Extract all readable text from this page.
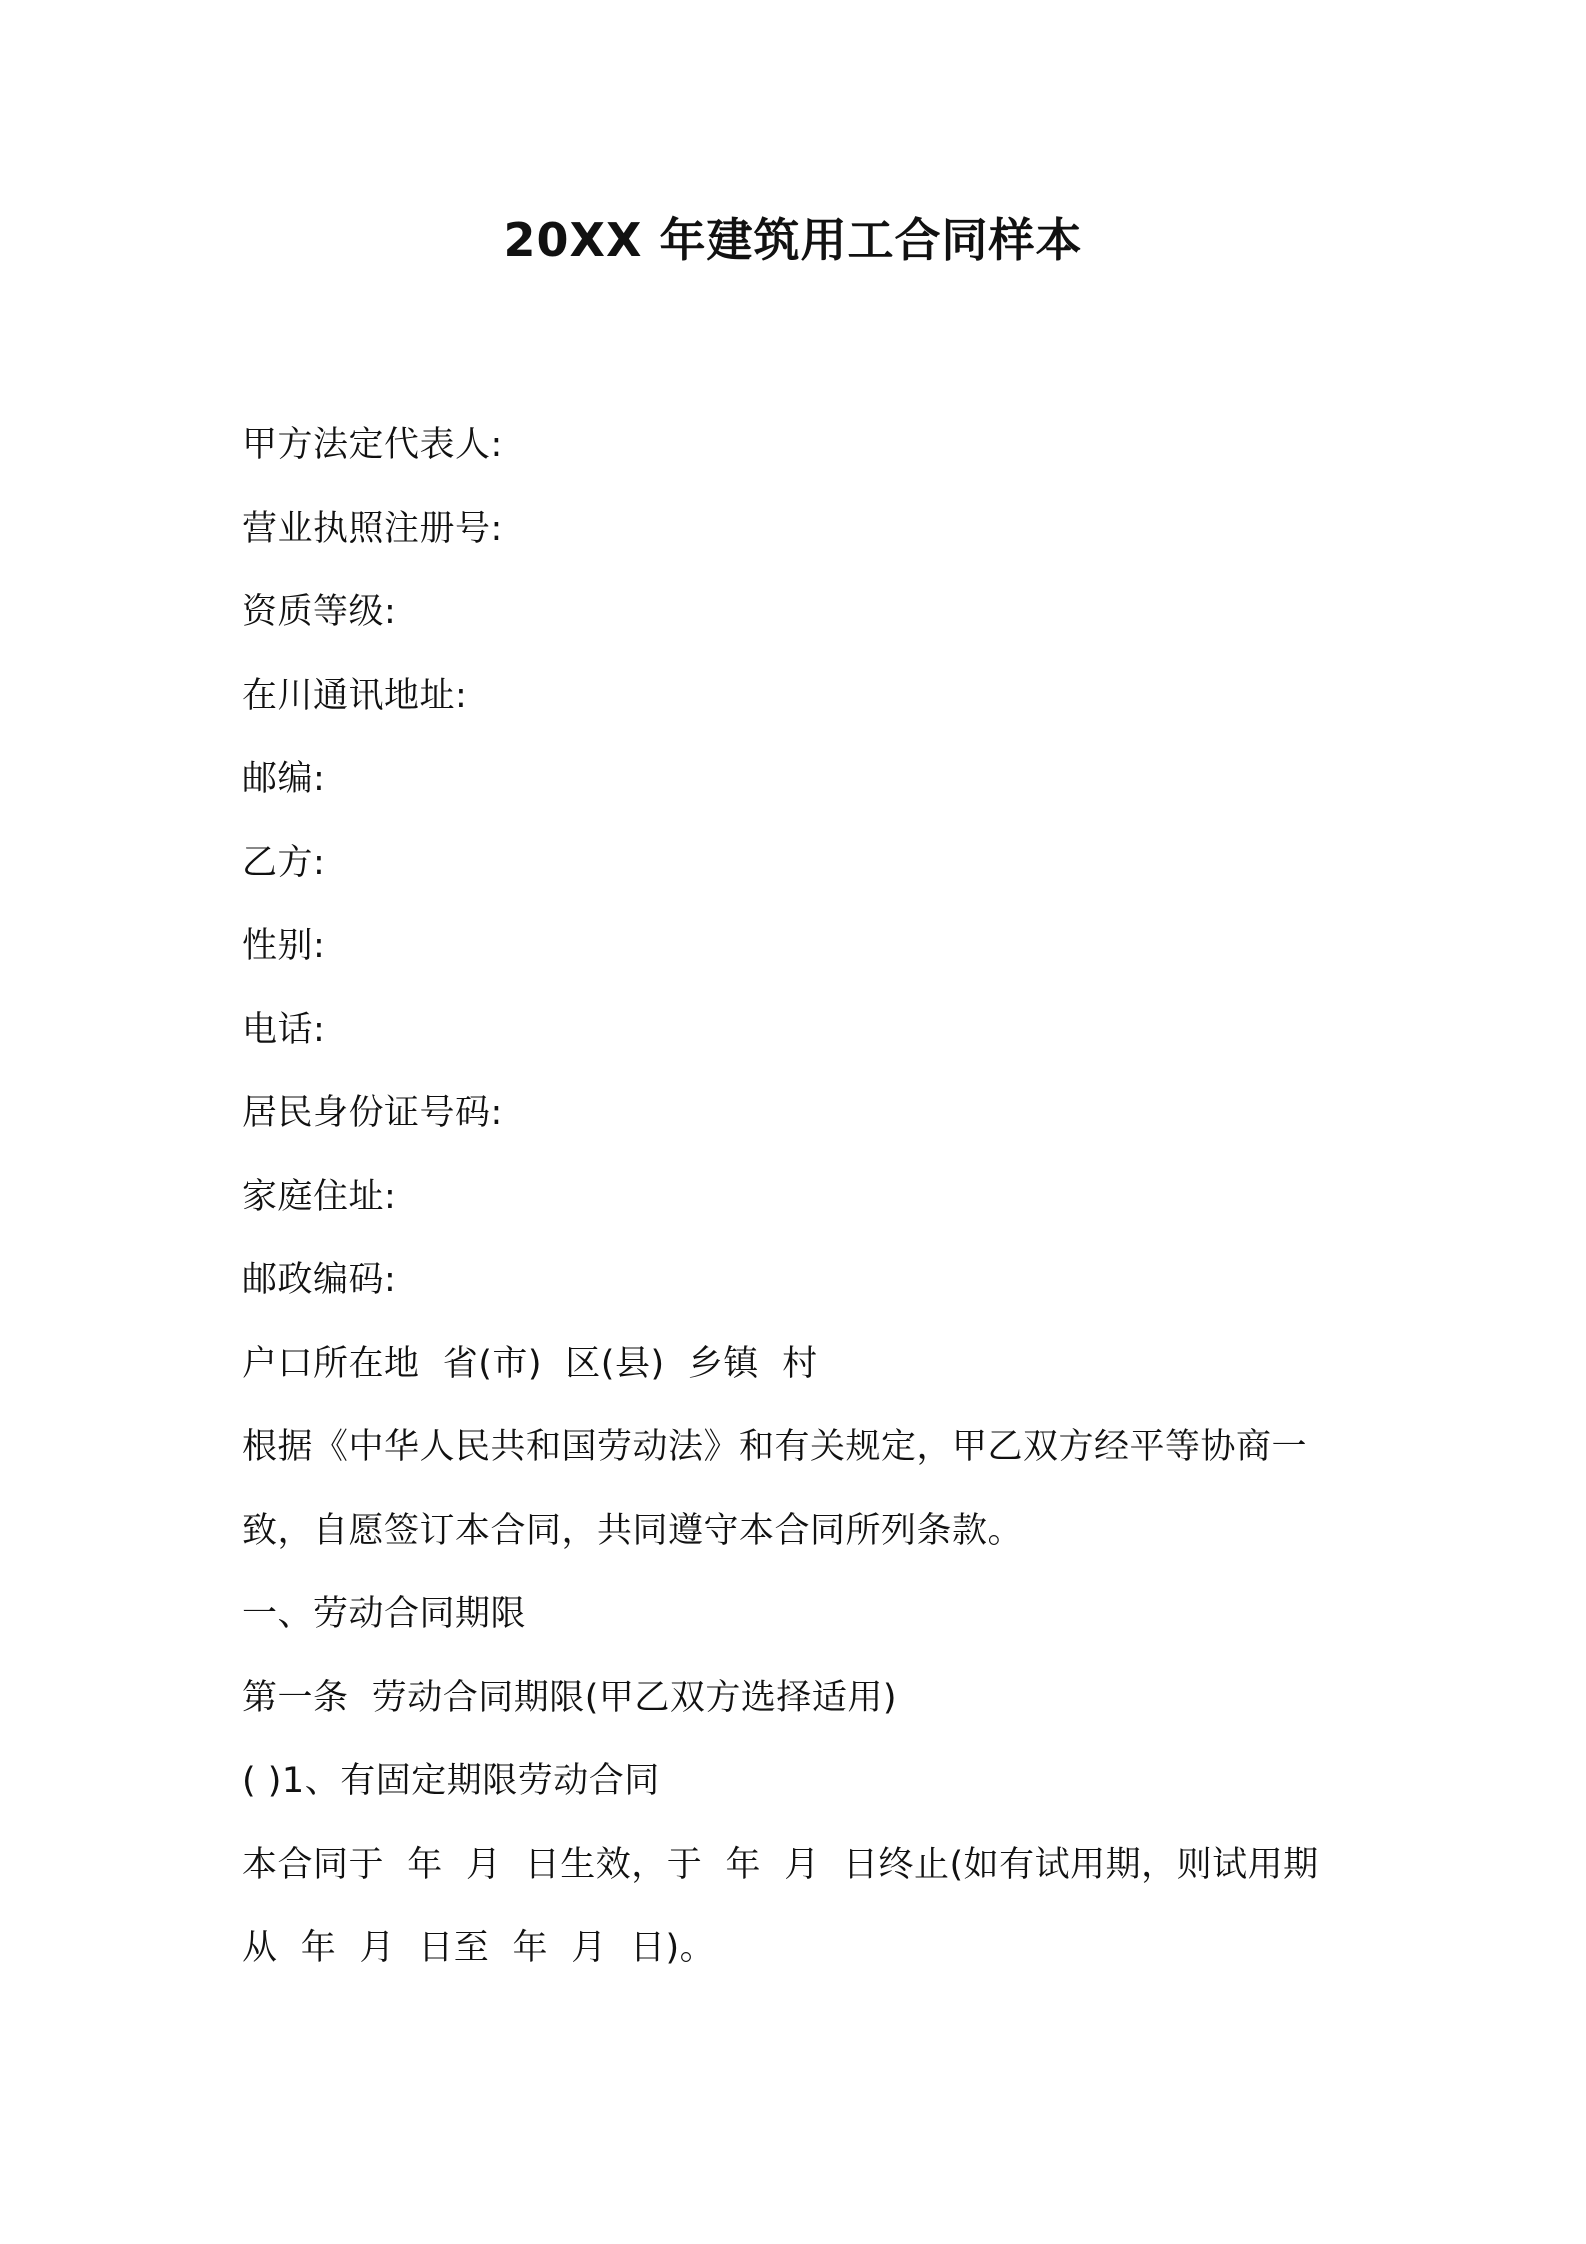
20XX 年建筑用工合同样本
甲方法定代表人:
营业执照注册号:
资质等级:
在川通讯地址:
邮编:
乙方:
性别:
电话:
居民身份证号码:
家庭住址:
邮政编码:
户口所在地  省(市)  区(县)  乡镇  村
根据《中华人民共和国劳动法》和有关规定，甲乙双方经平等协商一
致，自愿签订本合同，共同遵守本合同所列条款。
一、劳动合同期限
第一条  劳动合同期限(甲乙双方选择适用)
( )1、有固定期限劳动合同
本合同于  年  月  日生效，于  年  月  日终止(如有试用期，则试用期
从  年  月  日至  年  月  日)。
